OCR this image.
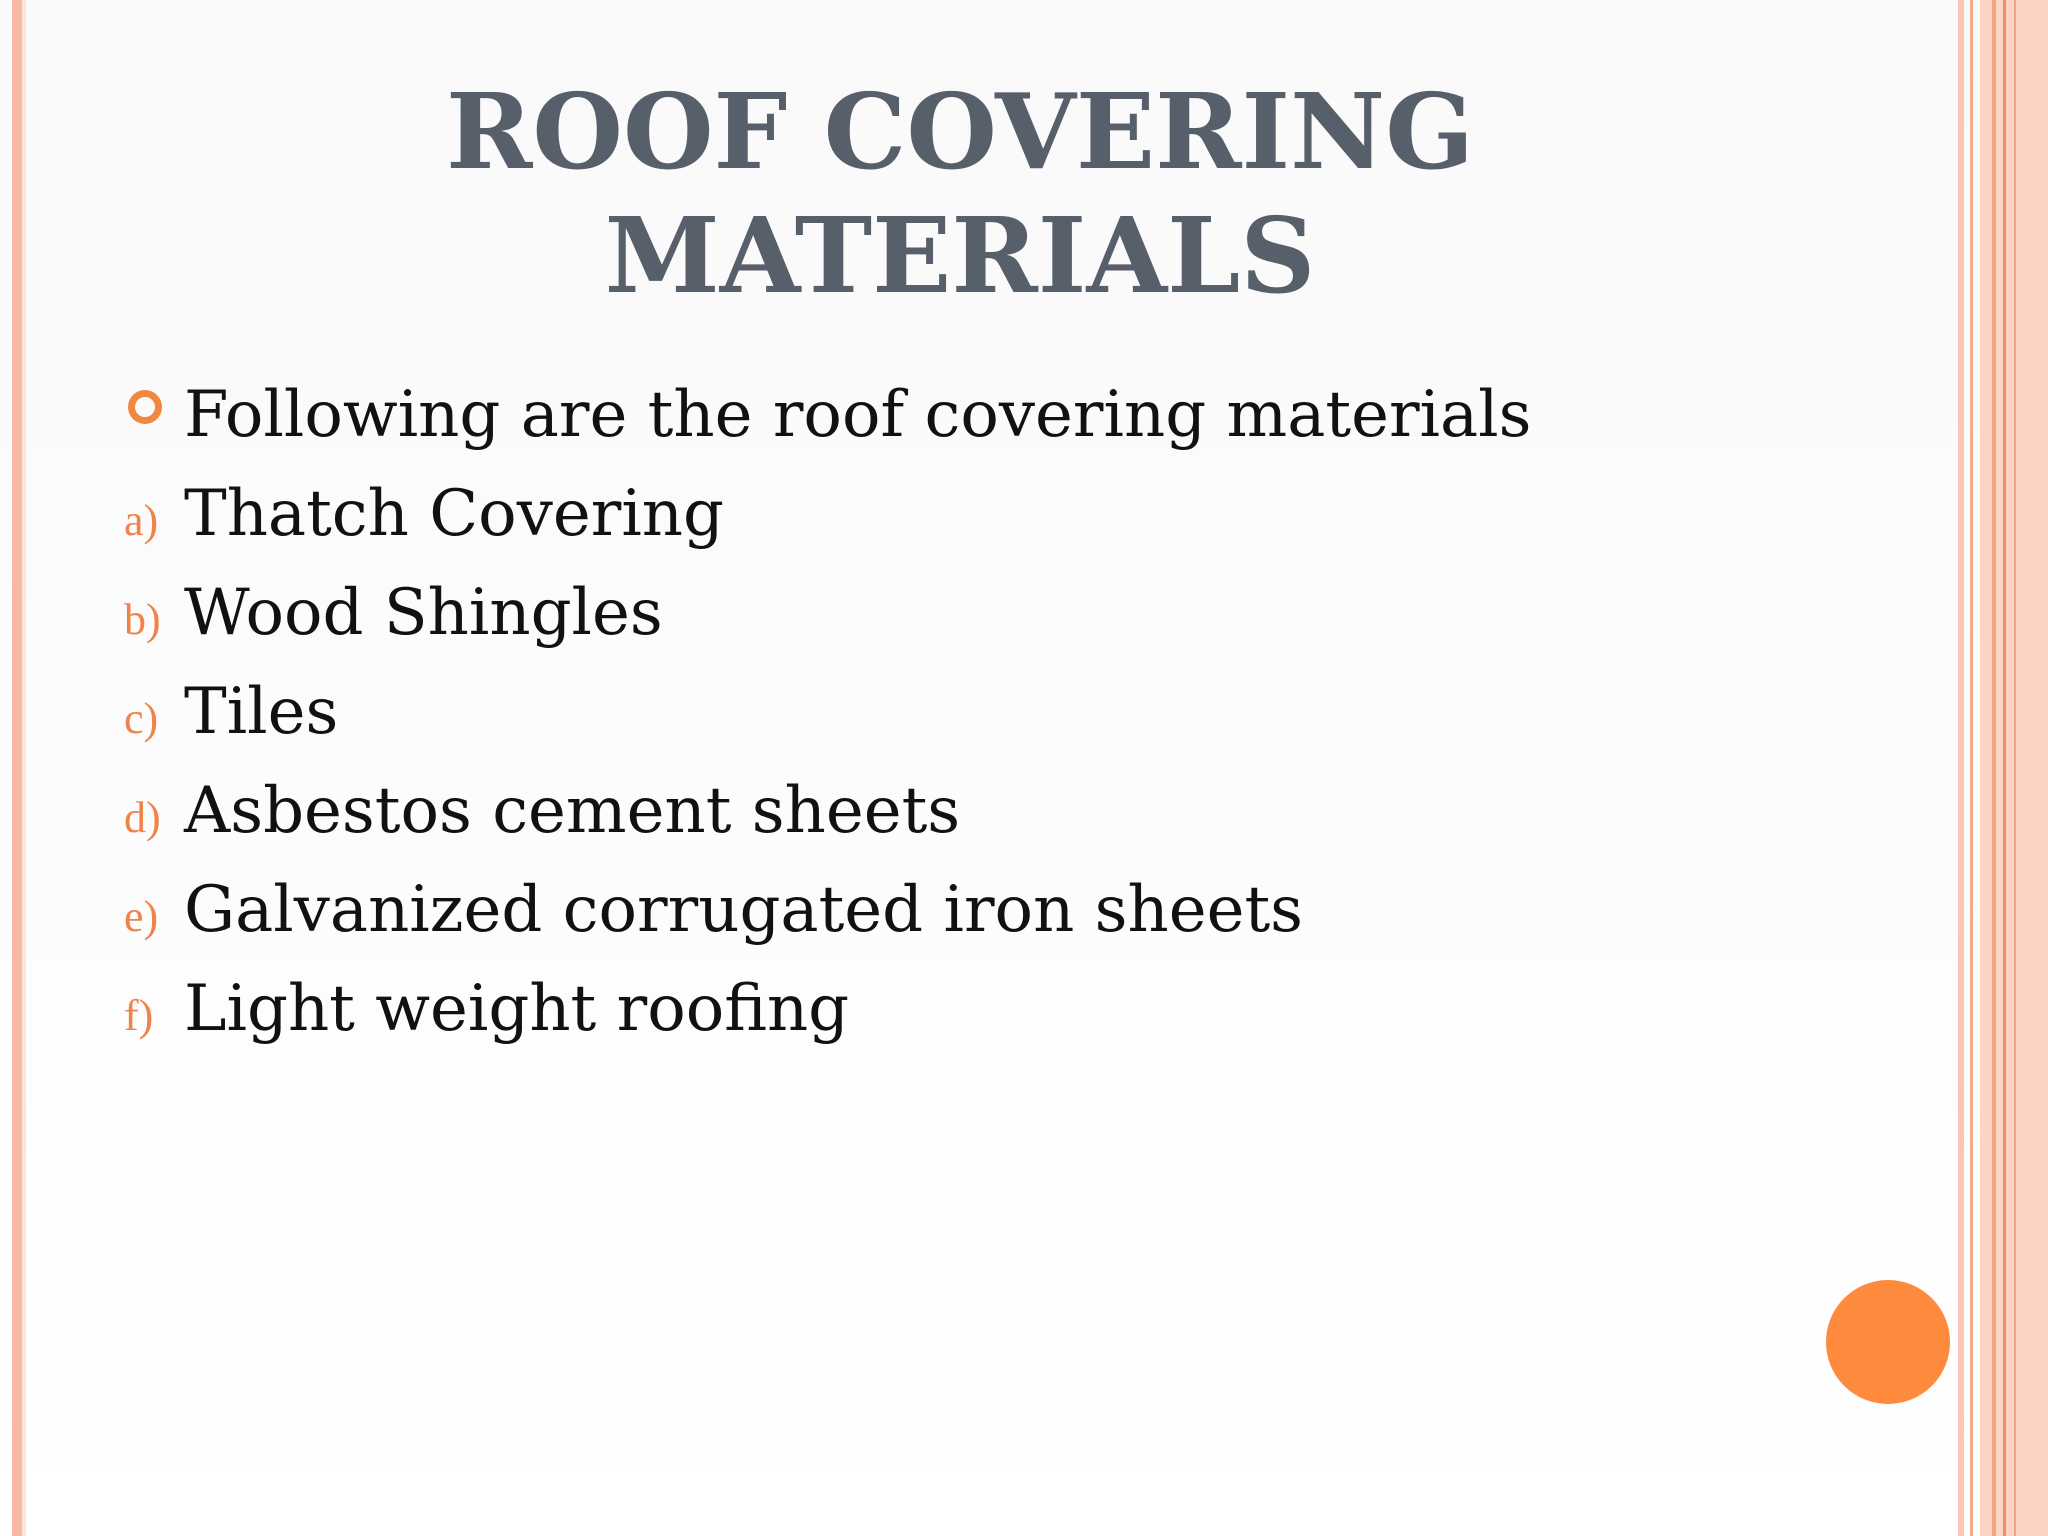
ROOF COVERING
MATERIALS
Following are the roof covering materials
a) Thatch Covering
b) Wood Shingles
c) Tiles
d) Asbestos cement sheets
e) Galvanized corrugated iron sheets
f) Light weight roofing
